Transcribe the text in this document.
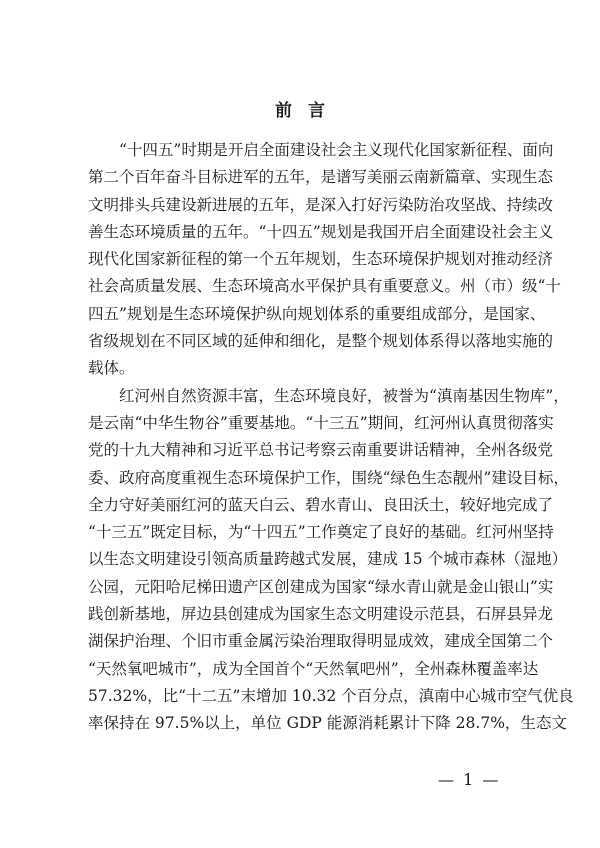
前言

“十四五”时期是开启全面建设社会主义现代化国家新征程、面向
第二个百年奋斗目标进军的五年，是谱写美丽云南新篇章、实现生态
文明排头兵建设新进展的五年，是深入打好污染防治攻坚战、持续改
善生态环境质量的五年。“十四五”规划是我国开启全面建设社会主义
现代化国家新征程的第一个五年规划，生态环境保护规划对推动经济
社会高质量发展、生态环境高水平保护具有重要意义。州（市）级“十
四五”规划是生态环境保护纵向规划体系的重要组成部分，是国家、
省级规划在不同区域的延伸和细化，是整个规划体系得以落地实施的
载体。

红河州自然资源丰富，生态环境良好，被誉为“滇南基因生物库”，
是云南“中华生物谷”重要基地。“十三五”期间，红河州认真贯彻落实
党的十九大精神和习近平总书记考察云南重要讲话精神，全州各级党
委、政府高度重视生态环境保护工作，围绕“绿色生态靓州”建设目标，
全力守好美丽红河的蓝天白云、碧水青山、良田沃土，较好地完成了
“十三五”既定目标，为“十四五”工作奠定了良好的基础。红河州坚持
以生态文明建设引领高质量跨越式发展，建成 15 个城市森林（湿地）
公园，元阳哈尼梯田遗产区创建成为国家“绿水青山就是金山银山”实
践创新基地，屏边县创建成为国家生态文明建设示范县，石屏县异龙
湖保护治理、个旧市重金属污染治理取得明显成效，建成全国第二个
“天然氧吧城市”，成为全国首个“天然氧吧州”，全州森林覆盖率达
57.32%，比“十二五”末增加 10.32 个百分点，滇南中心城市空气优良
率保持在 97.5%以上，单位 GDP 能源消耗累计下降 28.7%，生态文

— 1 —
